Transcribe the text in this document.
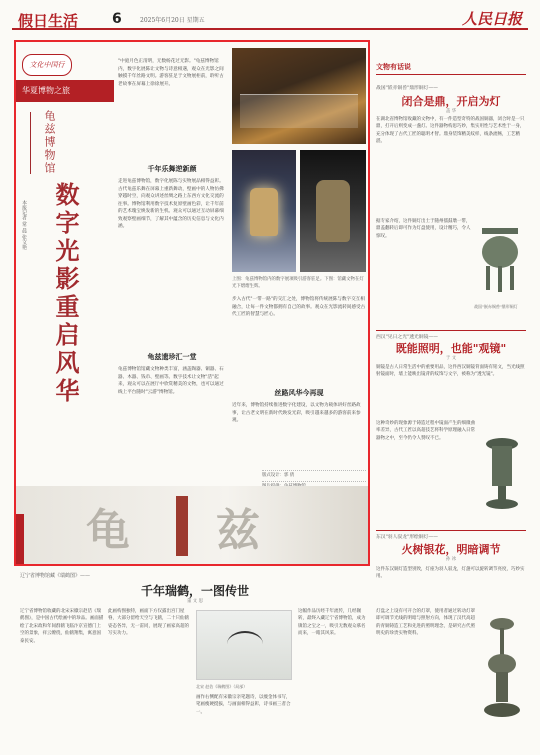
假日生活 6	2025年6月20日 星期五	人民日报
文化中国行
华夏博物之旅
龟兹博物馆
数字光影重启风华
本报记者 常 晨 张文艳
"中庭月色正清明，无数杨花过无影。"龟兹博物馆内，数字化展陈让文物与诗意相遇，观众在光影之间触摸千年丝路文明。游客驻足于文物展柜前，聆听古老故事在屏幕上徐徐展开。
千年乐舞逆新颜
走进龟兹博物馆，数字化展陈与实物展品相得益彰。古代龟兹乐舞在屏幕上重新舞动，壁画中的人物仿佛穿越时空，向观众讲述丝绸之路上东西方文化交流的往事。博物馆利用数字技术复原壁画色彩，让千年前的艺术瑰宝焕发新的生机。观众可以通过互动屏幕细致观察壁画细节，了解其中蕴含的历史信息与文化内涵。
龟兹遗珍汇一堂
龟兹博物馆馆藏文物种类丰富，涵盖陶器、铜器、石器、木器、钱币、壁画等。数字技术让文物"活"起来，观众可以在展厅中欣赏精美的文物，也可以通过线上平台随时"云游"博物馆。
上图：龟兹博物馆内的数字展项吸引游客驻足。下图：馆藏文物在灯光下熠熠生辉。
步入古代"一带一路"的交汇之处，博物馆将传统展陈与数字交互相融合，让每一件文物都拥有自己的故事。观众在光影流转间感受古代工匠的智慧与匠心。
丝路风华今再现
近年来，博物馆持续推进数字化建设，以文物为载体讲好丝路故事，让古老文明在新时代焕发光彩，吸引越来越多的游客前来参观。
版式设计：郭 倩
龟 兹
文物有话说
战国"嵌赤铜兽"鼎形铜灯——
闭合是鼎，开启为灯
盖 华
在湖北省博物馆收藏的文物中，有一件造型奇特的战国铜器，闭合时是一只鼎，打开后则变成一盏灯。这件器物构思巧妙，集实用性与艺术性于一身，充分体现了古代工匠的聪明才智。鼎身装饰精美纹样，线条流畅，工艺精湛。
据专家介绍，这件铜灯出土于随州擂鼓墩一带，鼎盖翻转后即可作为灯盘使用，设计精巧，令人惊叹。
战国"嵌赤铜兽"鼎形铜灯
西汉"见日之光"透光铜镜——
既能照明，也能"观镜"
于 文
铜镜是古人日常生活中的重要用品，这件西汉铜镜背面铸有铭文，当光线照射镜面时，墙上能映出镜背的纹饰与文字，被称为"透光镜"。
这种奇妙的现象源于铸造过程中镜面产生的细微曲率差异，古代工匠以高超技艺将科学原理融入日常器物之中，至今仍令人赞叹不已。
东汉"羽人驭龙"形绘铜灯——
火树银花，明暗调节
孙 冰
这件东汉铜灯造型别致，灯座为羽人驭龙，灯盏可以旋转调节亮度，巧妙实用。
灯盘之上设有可开合的灯罩，使用者通过转动灯罩即可调节光线的明暗与照射方向，体现了汉代高超的青铜铸造工艺和先进的照明理念，是研究古代照明史的珍贵实物资料。
辽宁省博物馆藏《瑞鹤图》——
千年瑞鹤，一图传世
董 文 思
辽宁省博物馆收藏的北宋宋徽宗赵佶《瑞鹤图》，是中国古代绘画中的珍品。画面描绘了北宋政和年间群鹤飞临汴京宣德门上空的景象，祥云缭绕，仙鹤翔集，寓意国泰民安。
此画构图独特，画面下方仅露出宫门屋脊，大部分留给天空与飞鹤，二十只仙鹤姿态各异，无一雷同，展现了画家高超的写实功力。
北宋 赵佶《瑞鹤图》（局部）
画作右侧配有宋徽宗亲笔题诗，以瘦金体书写，笔画瘦硬挺拔，与画面相得益彰，诗书画三者合一。
这幅作品历经千年流传，几经辗转，最终入藏辽宁省博物馆，成为镇馆之宝之一，吸引无数观众慕名而来，一睹其风采。
